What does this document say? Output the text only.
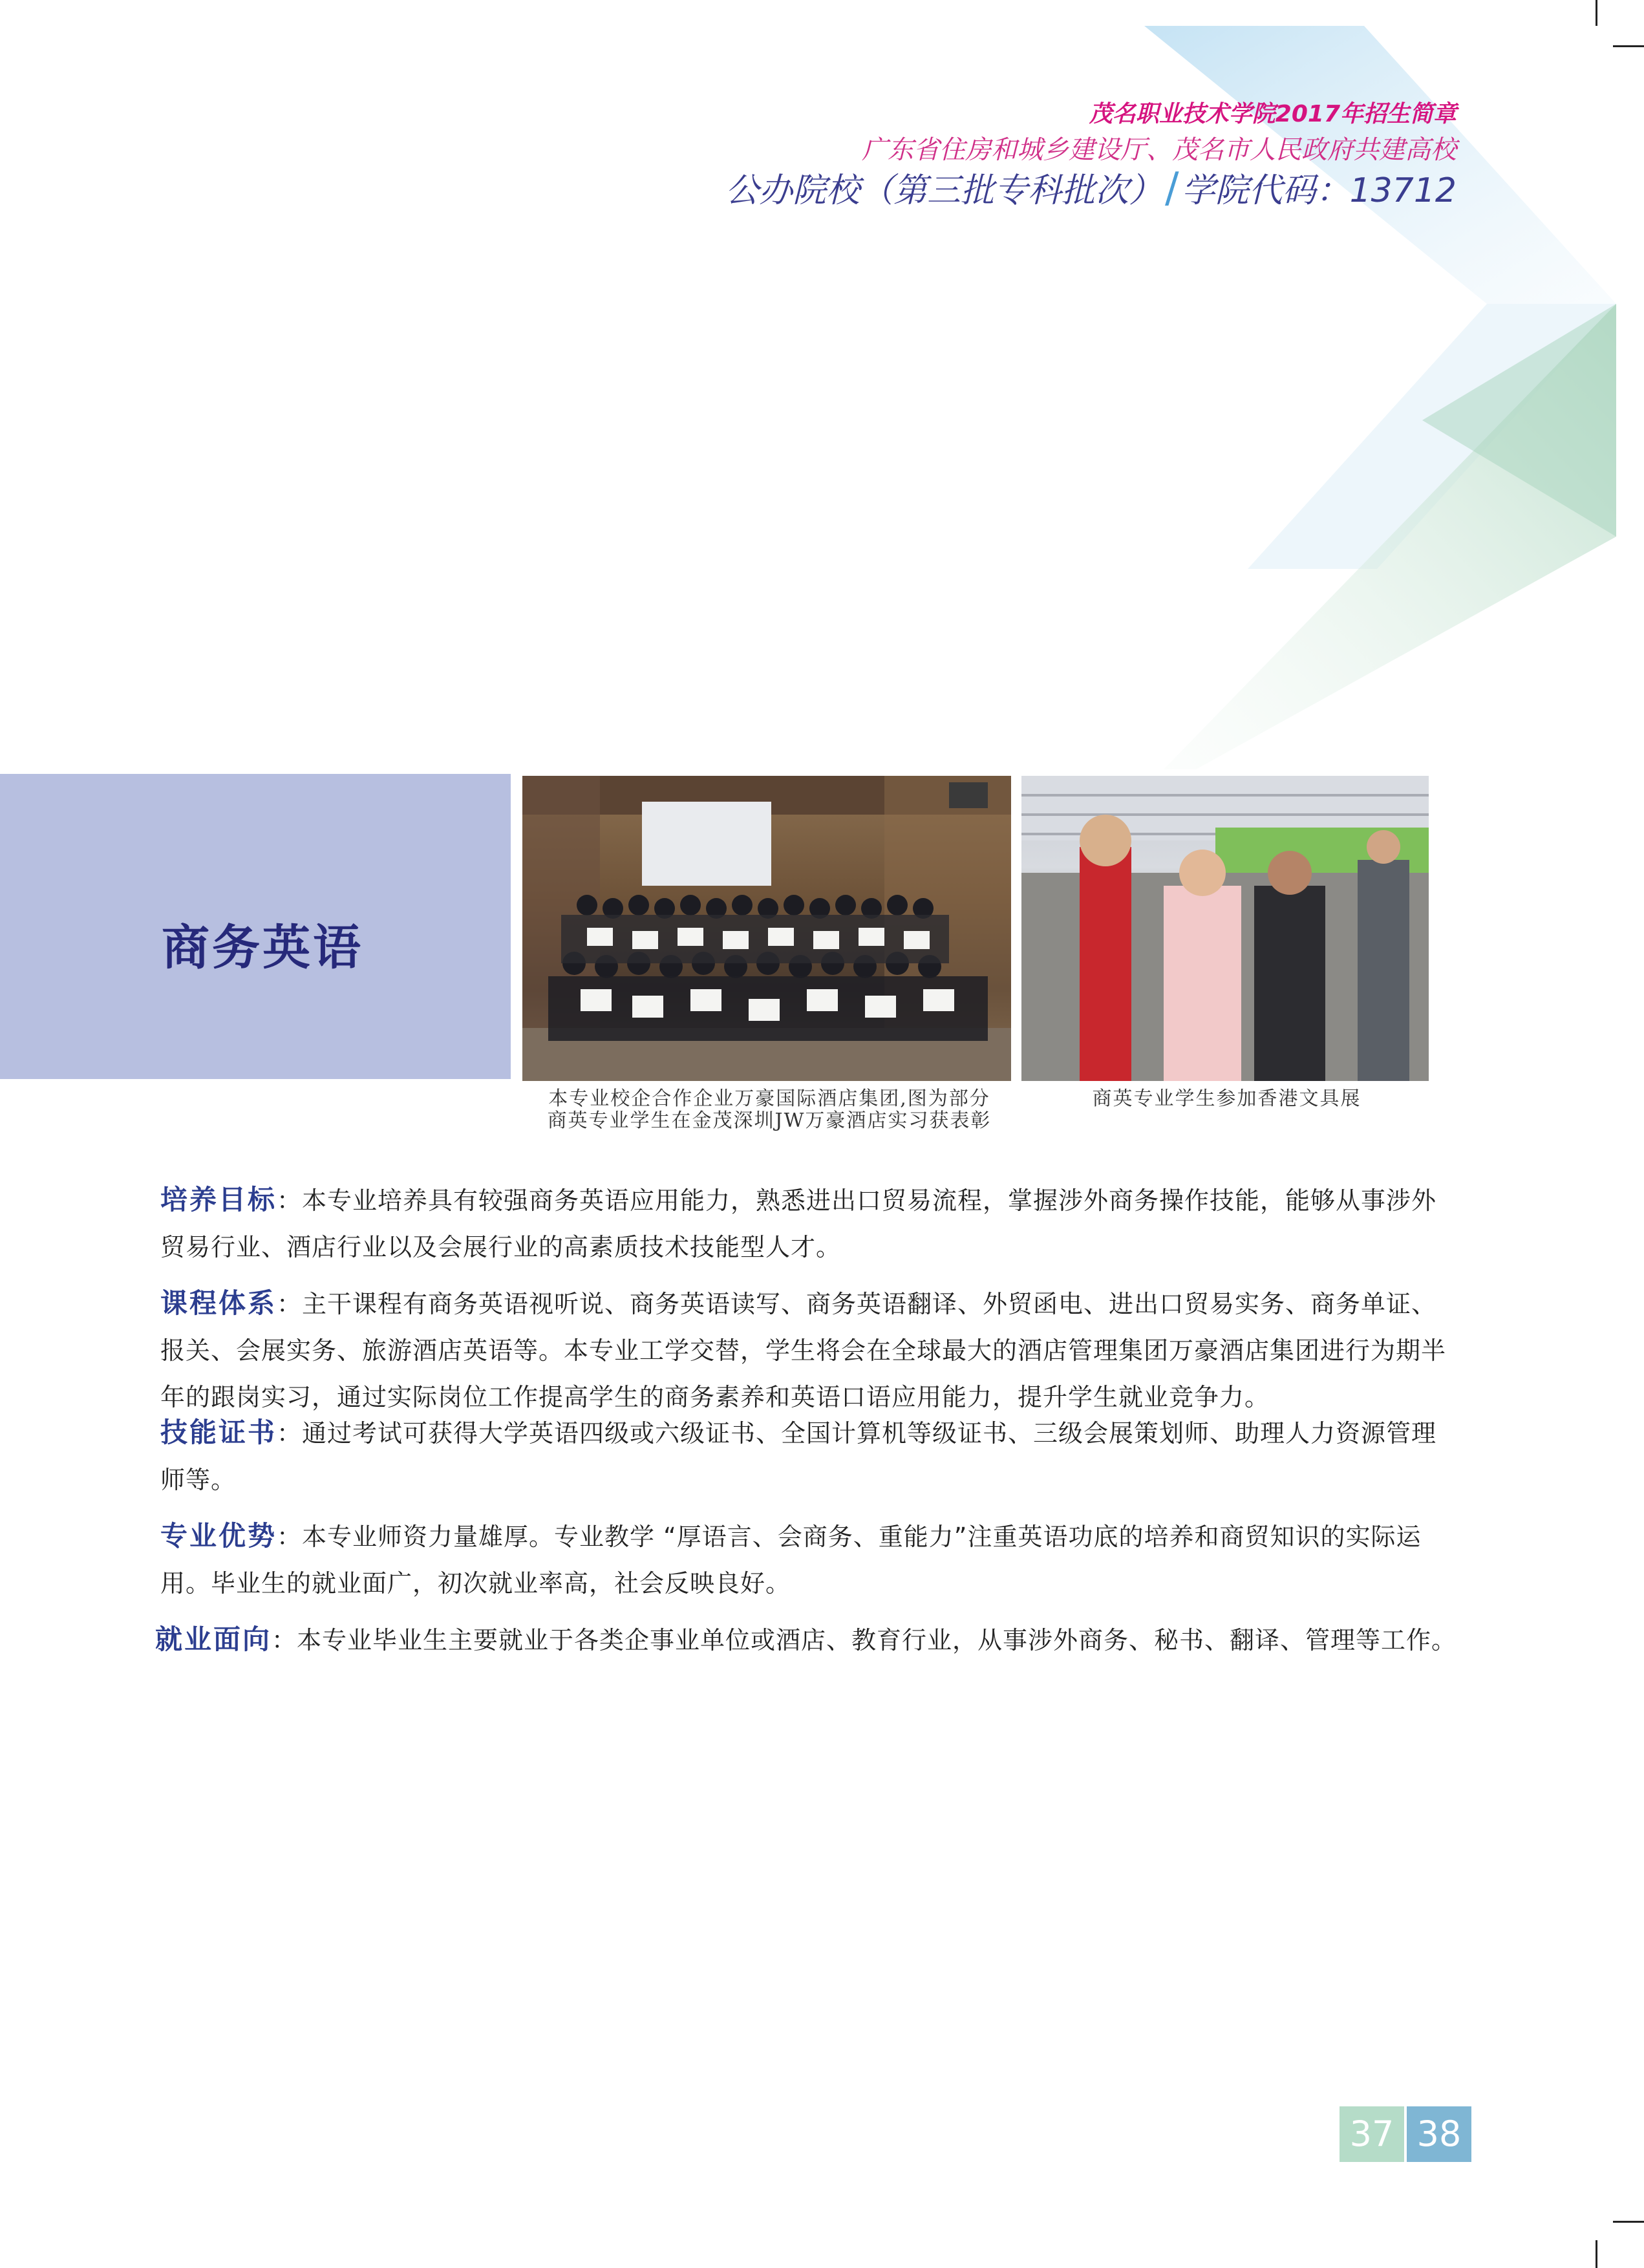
茂名职业技术学院2017年招生简章
广东省住房和城乡建设厅、茂名市人民政府共建高校
公办院校（第三批专科批次）/学院代码：13712
商务英语
本专业校企合作企业万豪国际酒店集团,图为部分
商英专业学生在金茂深圳JW万豪酒店实习获表彰
商英专业学生参加香港文具展
培养目标：本专业培养具有较强商务英语应用能力，熟悉进出口贸易流程，掌握涉外商务操作技能，能够从事涉外贸易行业、酒店行业以及会展行业的高素质技术技能型人才。
课程体系：主干课程有商务英语视听说、商务英语读写、商务英语翻译、外贸函电、进出口贸易实务、商务单证、报关、会展实务、旅游酒店英语等。本专业工学交替，学生将会在全球最大的酒店管理集团万豪酒店集团进行为期半年的跟岗实习，通过实际岗位工作提高学生的商务素养和英语口语应用能力，提升学生就业竞争力。
技能证书：通过考试可获得大学英语四级或六级证书、全国计算机等级证书、三级会展策划师、助理人力资源管理师等。
专业优势：本专业师资力量雄厚。专业教学 “厚语言、会商务、重能力”注重英语功底的培养和商贸知识的实际运用。毕业生的就业面广，初次就业率高，社会反映良好。
就业面向：本专业毕业生主要就业于各类企事业单位或酒店、教育行业，从事涉外商务、秘书、翻译、管理等工作。
37 38
